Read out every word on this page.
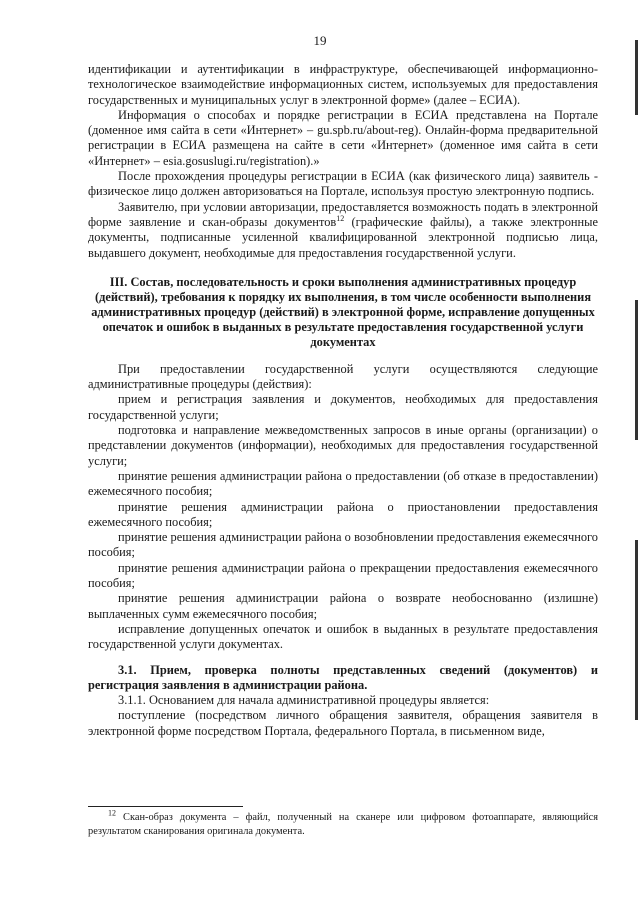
19

идентификации и аутентификации в инфраструктуре, обеспечивающей информационно-технологическое взаимодействие информационных систем, используемых для предоставления государственных и муниципальных услуг в электронной форме» (далее – ЕСИА).

Информация о способах и порядке регистрации в ЕСИА представлена на Портале (доменное имя сайта в сети «Интернет» – gu.spb.ru/about-reg). Онлайн-форма предварительной регистрации в ЕСИА размещена на сайте в сети «Интернет» (доменное имя сайта в сети «Интернет» – esia.gosuslugi.ru/registration).»

После прохождения процедуры регистрации в ЕСИА (как физического лица) заявитель - физическое лицо должен авторизоваться на Портале, используя простую электронную подпись.

Заявителю, при условии авторизации, предоставляется возможность подать в электронной форме заявление и скан-образы документов$^{12}$ (графические файлы), а также электронные документы, подписанные усиленной квалифицированной электронной подписью лица, выдавшего документ, необходимые для предоставления государственной услуги.

III. Состав, последовательность и сроки выполнения административных процедур (действий), требования к порядку их выполнения, в том числе особенности выполнения административных процедур (действий) в электронной форме, исправление допущенных опечаток и ошибок в выданных в результате предоставления государственной услуги документах

При предоставлении государственной услуги осуществляются следующие административные процедуры (действия):

прием и регистрация заявления и документов, необходимых для предоставления государственной услуги;

подготовка и направление межведомственных запросов в иные органы (организации) о представлении документов (информации), необходимых для предоставления государственной услуги;

принятие решения администрации района о предоставлении (об отказе в предоставлении) ежемесячного пособия;

принятие решения администрации района о приостановлении предоставления ежемесячного пособия;

принятие решения администрации района о возобновлении предоставления ежемесячного пособия;

принятие решения администрации района о прекращении предоставления ежемесячного пособия;

принятие решения администрации района о возврате необоснованно (излишне) выплаченных сумм ежемесячного пособия;

исправление допущенных опечаток и ошибок в выданных в результате предоставления государственной услуги документах.

3.1. Прием, проверка полноты представленных сведений (документов) и регистрация заявления в администрации района.

3.1.1. Основанием для начала административной процедуры является:

поступление (посредством личного обращения заявителя, обращения заявителя в электронной форме посредством Портала, федерального Портала, в письменном виде,

$^{12}$ Скан-образ документа – файл, полученный на сканере или цифровом фотоаппарате, являющийся результатом сканирования оригинала документа.
